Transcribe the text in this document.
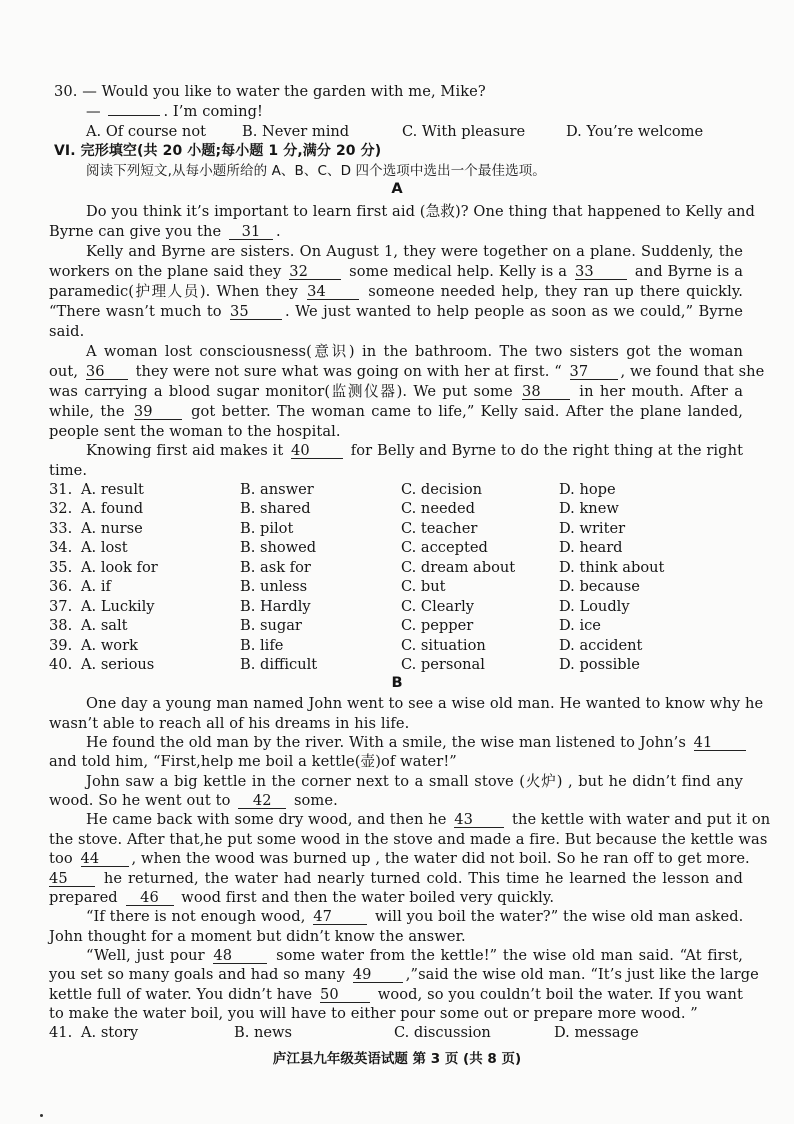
30. — Would you like to water the garden with me, Mike?
—	. I’m coming!
A. Of course not B. Never mind	C. With pleasure	D. You’re welcome
VI. 完形填空(共 20 小题;每小题 1 分,满分 20 分)
阅读下列短文,从每小题所给的 A、B、C、D 四个选项中选出一个最佳选项。
A
Do you think it’s important to learn first aid (急救)? One thing that happened to Kelly and
Byrne can give you the 31 .
Kelly and Byrne are sisters. On August 1, they were together on a plane. Suddenly, the
workers on the plane said they 32	some medical help. Kelly is a 33	and Byrne is a
paramedic(护理人员). When they 34	someone needed help, they ran up there quickly.
“There wasn’t much to 35 . We just wanted to help people as soon as we could,” Byrne
said.
A woman lost consciousness(意识) in the bathroom. The two sisters got the woman
out, 36 they were not sure what was going on with her at first. “ 37 , we found that she
was carrying a blood sugar monitor(监测仪器). We put some 38	in her mouth. After a
while, the 39	got better. The woman came to life,” Kelly said. After the plane landed,
people sent the woman to the hospital.
Knowing first aid makes it 40	for Belly and Byrne to do the right thing at the right
time.
31. A. result	B. answer	C. decision	D. hope
32. A. found	B. shared	C. needed	D. knew
33. A. nurse	B. pilot	C. teacher	D. writer
34. A. lost	B. showed	C. accepted	D. heard
35. A. look for	B. ask for	C. dream about	D. think about
36. A. if	B. unless	C. but	D. because
37. A. Luckily	B. Hardly	C. Clearly	D. Loudly
38. A. salt	B. sugar	C. pepper	D. ice
39. A. work	B. life	C. situation	D. accident
40. A. serious	B. difficult	C. personal	D. possible
B
One day a young man named John went to see a wise old man. He wanted to know why he
wasn’t able to reach all of his dreams in his life.
He found the old man by the river. With a smile, the wise man listened to John’s 41
and told him, “First,help me boil a kettle(壶)of water!”
John saw a big kettle in the corner next to a small stove (火炉) , but he didn’t find any
wood. So he went out to 42 some.
He came back with some dry wood, and then he 43	the kettle with water and put it on
the stove. After that,he put some wood in the stove and made a fire. But because the kettle was
too 44 , when the wood was burned up , the water did not boil. So he ran off to get more.
45 he returned, the water had nearly turned cold. This time he learned the lesson and
prepared 46 wood first and then the water boiled very quickly.
“If there is not enough wood, 47	will you boil the water?” the wise old man asked.
John thought for a moment but didn’t know the answer.
“Well, just pour 48	some water from the kettle!” the wise old man said. “At first,
you set so many goals and had so many 49 ,”said the wise old man. “It’s just like the large
kettle full of water. You didn’t have 50	wood, so you couldn’t boil the water. If you want
to make the water boil, you will have to either pour some out or prepare more wood. ”
41. A. story	B. news	C. discussion	D. message
庐江县九年级英语试题 第 3 页 (共 8 页)
